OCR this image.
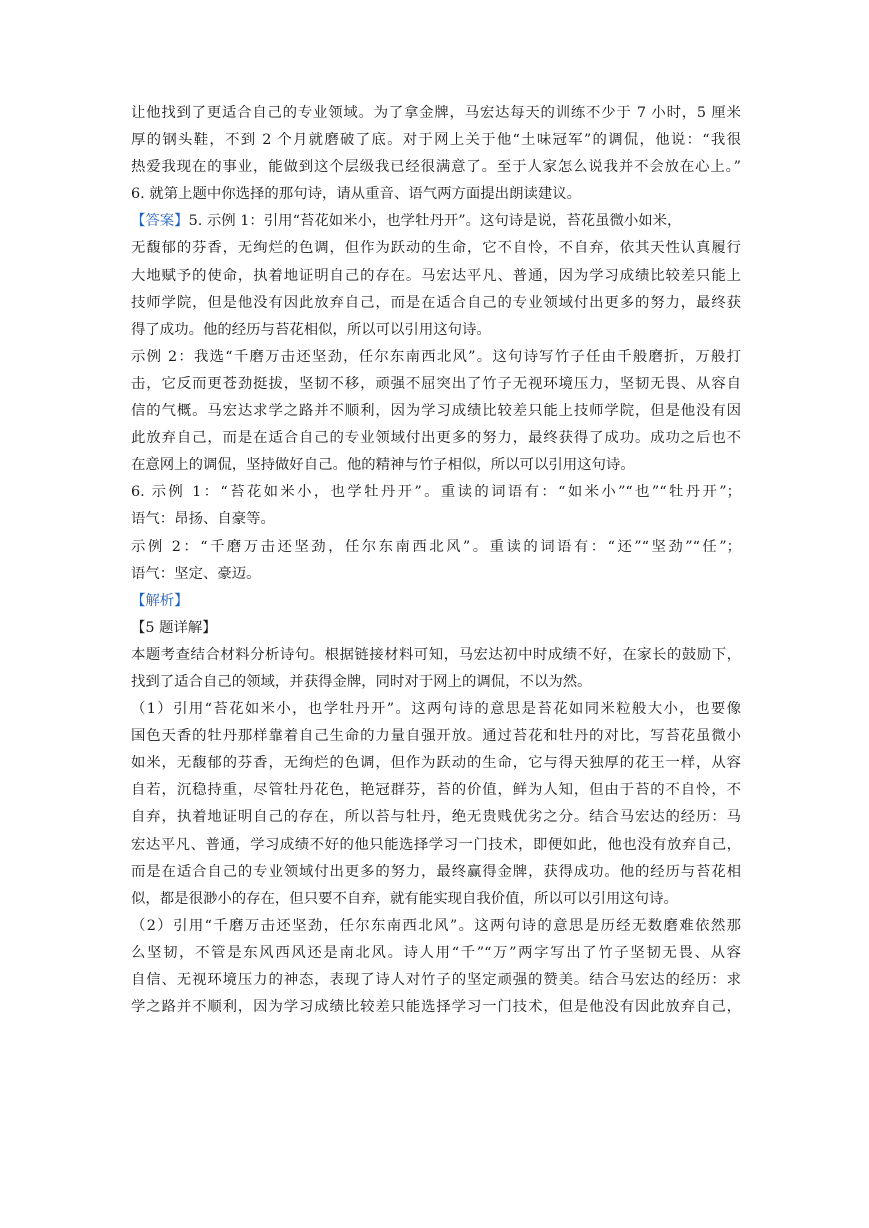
让他找到了更适合自己的专业领域。为了拿金牌，马宏达每天的训练不少于 7 小时，5 厘米
厚的钢头鞋，不到 2 个月就磨破了底。对于网上关于他“土味冠军”的调侃，他说：“我很
热爱我现在的事业，能做到这个层级我已经很满意了。至于人家怎么说我并不会放在心上。”
6. 就第上题中你选择的那句诗，请从重音、语气两方面提出朗读建议。
【答案】5. 示例 1：引用“苔花如米小，也学牡丹开”。这句诗是说，苔花虽微小如米，
无馥郁的芬香，无绚烂的色调，但作为跃动的生命，它不自怜，不自弃，依其天性认真履行
大地赋予的使命，执着地证明自己的存在。马宏达平凡、普通，因为学习成绩比较差只能上
技师学院，但是他没有因此放弃自己，而是在适合自己的专业领域付出更多的努力，最终获
得了成功。他的经历与苔花相似，所以可以引用这句诗。
示例 2：我选“千磨万击还坚劲，任尔东南西北风”。这句诗写竹子任由千般磨折，万般打
击，它反而更苍劲挺拔，坚韧不移，顽强不屈突出了竹子无视环境压力，坚韧无畏、从容自
信的气概。马宏达求学之路并不顺利，因为学习成绩比较差只能上技师学院，但是他没有因
此放弃自己，而是在适合自己的专业领域付出更多的努力，最终获得了成功。成功之后也不
在意网上的调侃，坚持做好自己。他的精神与竹子相似，所以可以引用这句诗。
6. 示例 1：“苔花如米小，也学牡丹开”。重读的词语有：“如米小”“也”“牡丹开”；
语气：昂扬、自豪等。
示例 2：“千磨万击还坚劲，任尔东南西北风”。重读的词语有：“还”“坚劲”“任”；
语气：坚定、豪迈。
【解析】
【5 题详解】
本题考查结合材料分析诗句。根据链接材料可知，马宏达初中时成绩不好，在家长的鼓励下，
找到了适合自己的领域，并获得金牌，同时对于网上的调侃，不以为然。
（1）引用“苔花如米小，也学牡丹开”。这两句诗的意思是苔花如同米粒般大小，也要像
国色天香的牡丹那样靠着自己生命的力量自强开放。通过苔花和牡丹的对比，写苔花虽微小
如米，无馥郁的芬香，无绚烂的色调，但作为跃动的生命，它与得天独厚的花王一样，从容
自若，沉稳持重，尽管牡丹花色，艳冠群芬，苔的价值，鲜为人知，但由于苔的不自怜，不
自弃，执着地证明自己的存在，所以苔与牡丹，绝无贵贱优劣之分。结合马宏达的经历：马
宏达平凡、普通，学习成绩不好的他只能选择学习一门技术，即便如此，他也没有放弃自己，
而是在适合自己的专业领域付出更多的努力，最终赢得金牌，获得成功。他的经历与苔花相
似，都是很渺小的存在，但只要不自弃，就有能实现自我价值，所以可以引用这句诗。
（2）引用“千磨万击还坚劲，任尔东南西北风”。这两句诗的意思是历经无数磨难依然那
么坚韧，不管是东风西风还是南北风。诗人用“千”“万”两字写出了竹子坚韧无畏、从容
自信、无视环境压力的神态，表现了诗人对竹子的坚定顽强的赞美。结合马宏达的经历：求
学之路并不顺利，因为学习成绩比较差只能选择学习一门技术，但是他没有因此放弃自己，
